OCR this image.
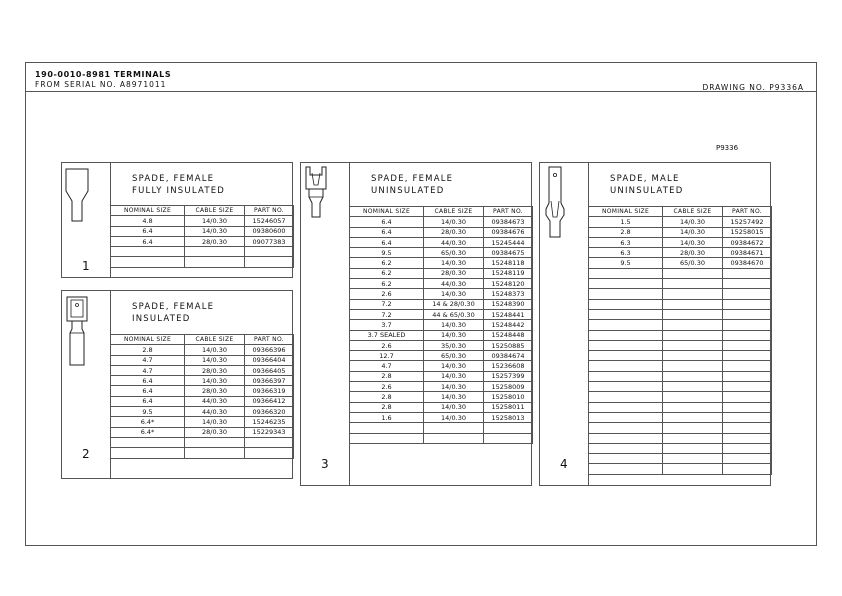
190-0010-8981 TERMINALS
FROM SERIAL NO. A8971011	DRAWING NO. P9336A
P9336
1
SPADE, FEMALE
FULLY INSULATED
NOMINAL SIZE	CABLE SIZE	PART NO.
4.8	14/0.30	15246057
6.4	14/0.30	09380600
6.4	28/0.30	09077383

2
SPADE, FEMALE
INSULATED
NOMINAL SIZE	CABLE SIZE	PART NO.
2.8	14/0.30	09366396
4.7	14/0.30	09366404
4.7	28/0.30	09366405
6.4	14/0.30	09366397
6.4	28/0.30	09366319
6.4	44/0.30	09366412
9.5	44/0.30	09366320
6.4*	14/0.30	15246235
6.4*	28/0.30	15229343

3
SPADE, FEMALE
UNINSULATED
NOMINAL SIZE	CABLE SIZE	PART NO.
6.4	14/0.30	09384673
6.4	28/0.30	09384676
6.4	44/0.30	15245444
9.5	65/0.30	09384675
6.2	14/0.30	15248118
6.2	28/0.30	15248119
6.2	44/0.30	15248120
2.6	14/0.30	15248373
7.2	14 & 28/0.30	15248390
7.2	44 & 65/0.30	15248441
3.7	14/0.30	15248442
3.7 SEALED	14/0.30	15248448
2.6	35/0.30	15250885
12.7	65/0.30	09384674
4.7	14/0.30	15236608
2.8	14/0.30	15257399
2.6	14/0.30	15258009
2.8	14/0.30	15258010
2.8	14/0.30	15258011
1.6	14/0.30	15258013

4
SPADE, MALE
UNINSULATED
NOMINAL SIZE	CABLE SIZE	PART NO.
1.5	14/0.30	15257492
2.8	14/0.30	15258015
6.3	14/0.30	09384672
6.3	28/0.30	09384671
9.5	65/0.30	09384670
